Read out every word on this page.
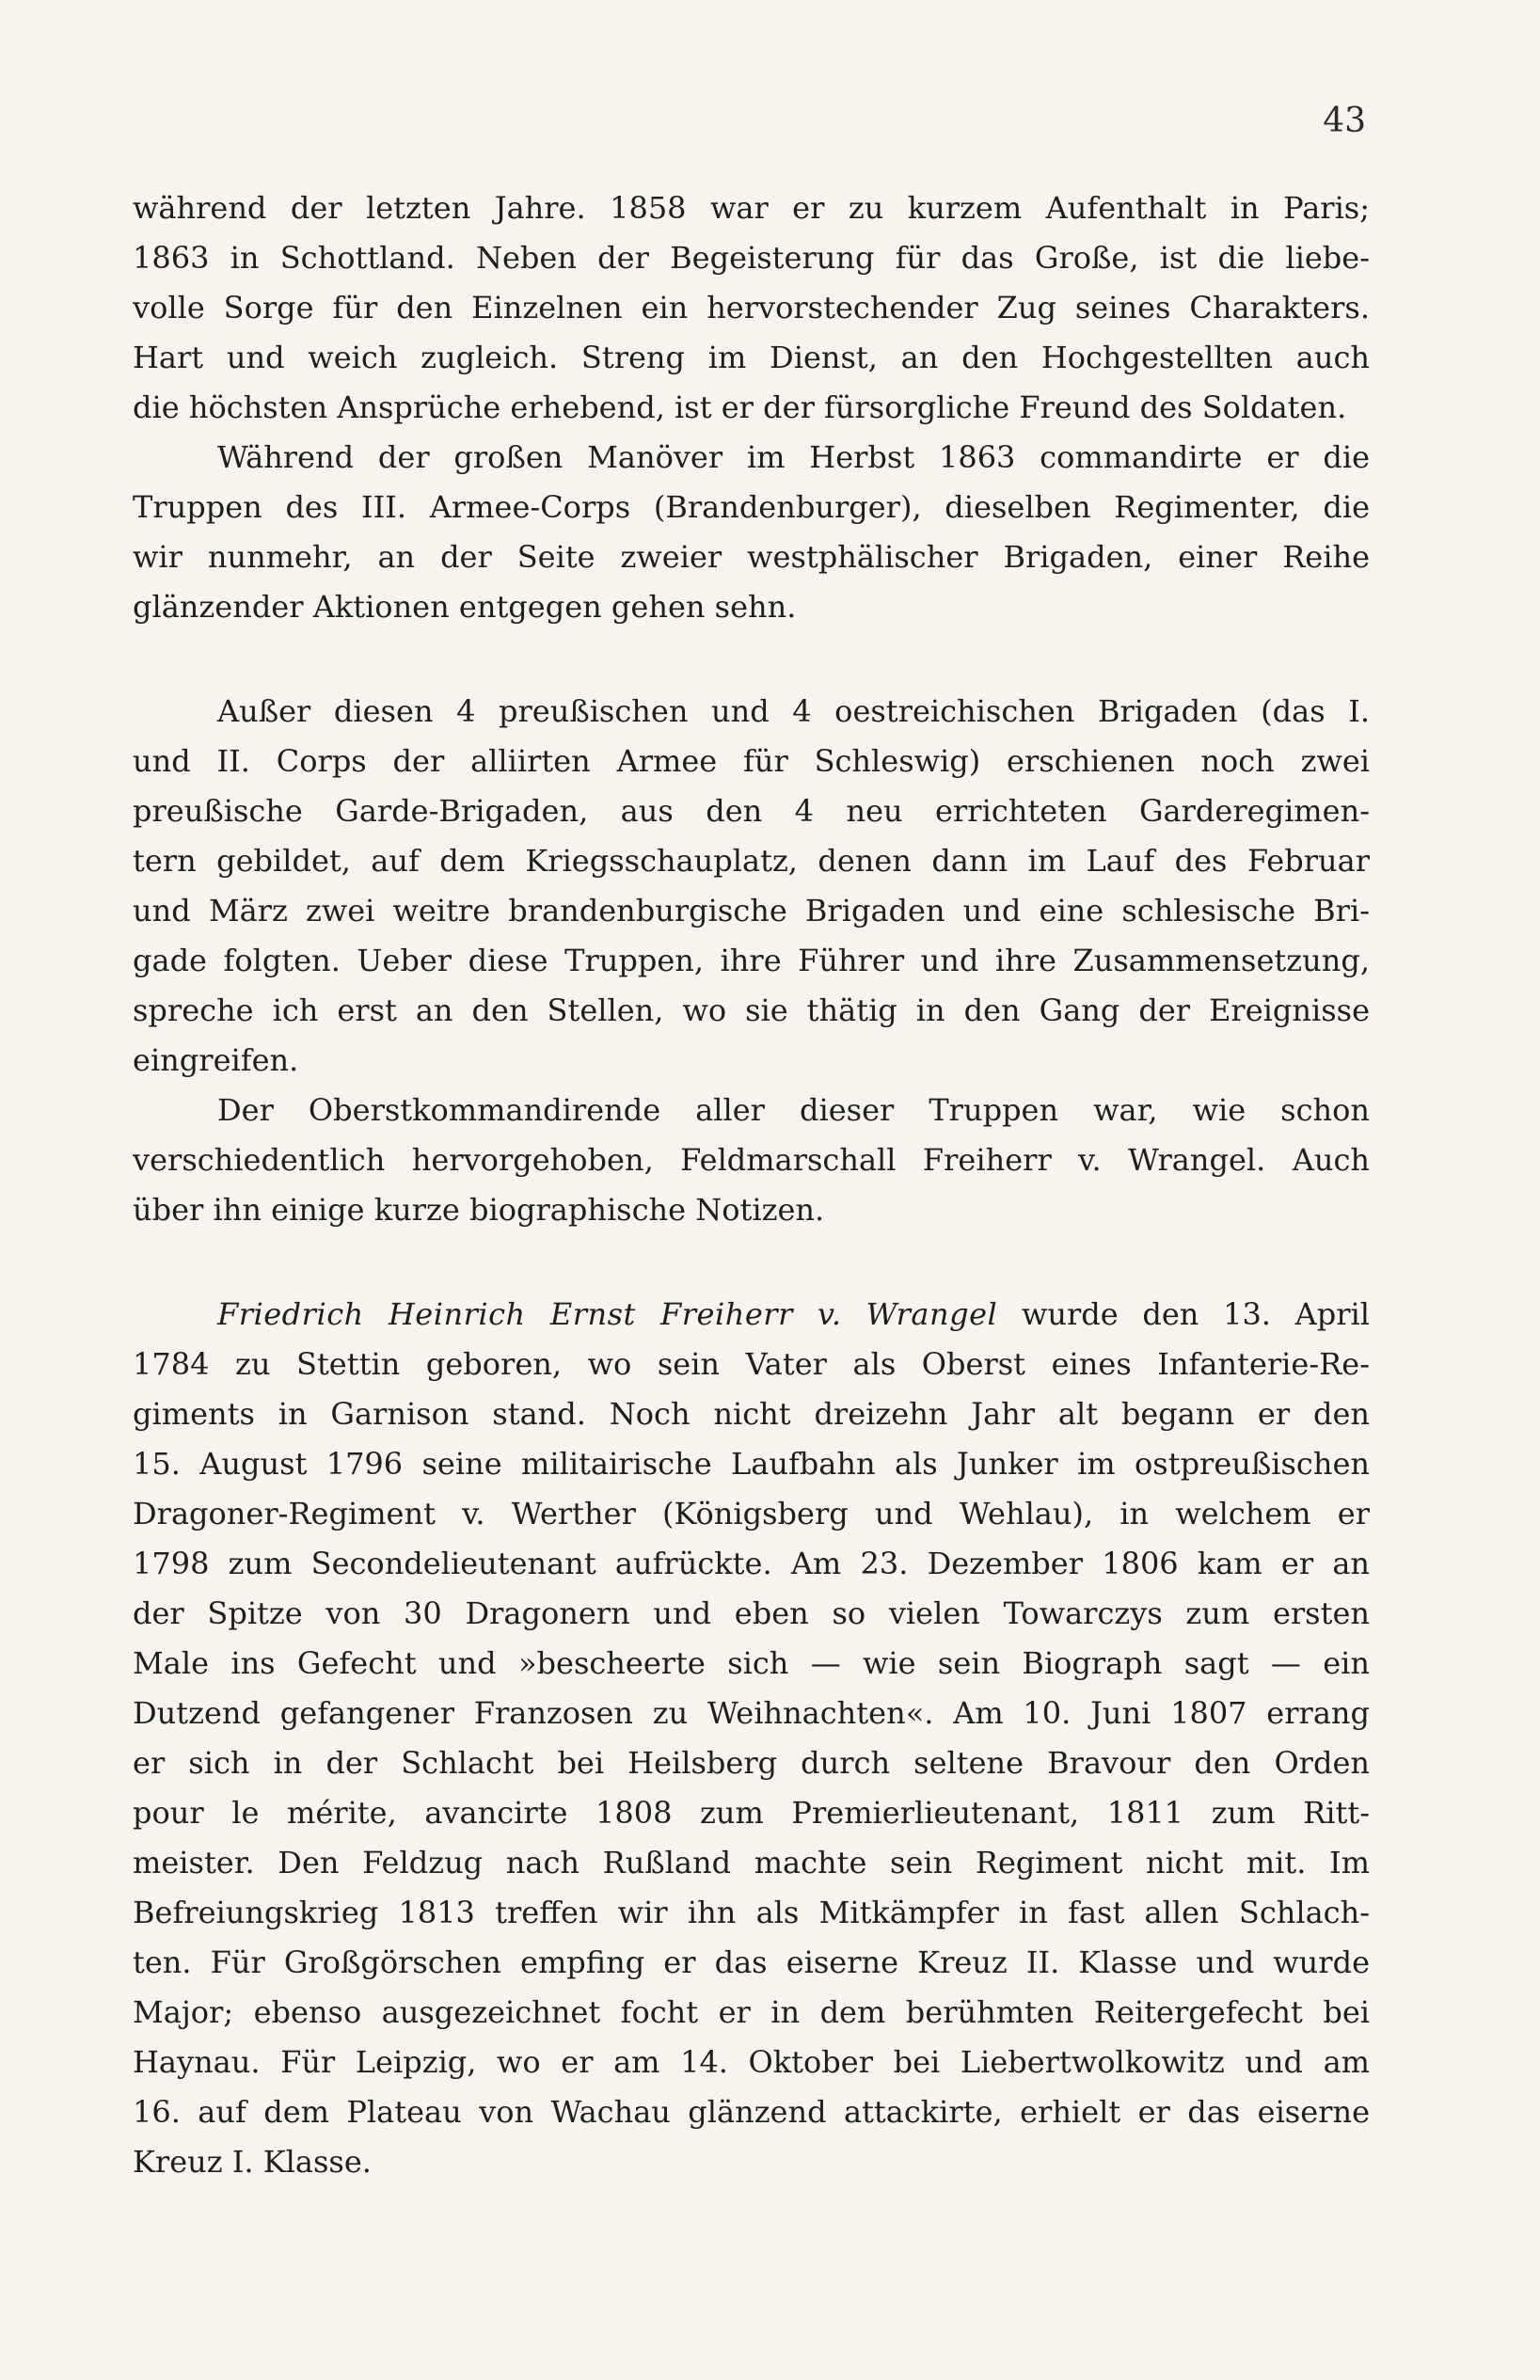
43
während der letzten Jahre. 1858 war er zu kurzem Aufenthalt in Paris;
1863 in Schottland. Neben der Begeisterung für das Große, ist die liebe-
volle Sorge für den Einzelnen ein hervorstechender Zug seines Charakters.
Hart und weich zugleich. Streng im Dienst, an den Hochgestellten auch
die höchsten Ansprüche erhebend, ist er der fürsorgliche Freund des Soldaten.
Während der großen Manöver im Herbst 1863 commandirte er die
Truppen des III. Armee-Corps (Brandenburger), dieselben Regimenter, die
wir nunmehr, an der Seite zweier westphälischer Brigaden, einer Reihe
glänzender Aktionen entgegen gehen sehn.
Außer diesen 4 preußischen und 4 oestreichischen Brigaden (das I.
und II. Corps der alliirten Armee für Schleswig) erschienen noch zwei
preußische Garde-Brigaden, aus den 4 neu errichteten Garderegimen-
tern gebildet, auf dem Kriegsschauplatz, denen dann im Lauf des Februar
und März zwei weitre brandenburgische Brigaden und eine schlesische Bri-
gade folgten. Ueber diese Truppen, ihre Führer und ihre Zusammensetzung,
spreche ich erst an den Stellen, wo sie thätig in den Gang der Ereignisse
eingreifen.
Der Oberstkommandirende aller dieser Truppen war, wie schon
verschiedentlich hervorgehoben, Feldmarschall Freiherr v. Wrangel. Auch
über ihn einige kurze biographische Notizen.
Friedrich Heinrich Ernst Freiherr v. Wrangel wurde den 13. April
1784 zu Stettin geboren, wo sein Vater als Oberst eines Infanterie-Re-
giments in Garnison stand. Noch nicht dreizehn Jahr alt begann er den
15. August 1796 seine militairische Laufbahn als Junker im ostpreußischen
Dragoner-Regiment v. Werther (Königsberg und Wehlau), in welchem er
1798 zum Secondelieutenant aufrückte. Am 23. Dezember 1806 kam er an
der Spitze von 30 Dragonern und eben so vielen Towarczys zum ersten
Male ins Gefecht und »bescheerte sich — wie sein Biograph sagt — ein
Dutzend gefangener Franzosen zu Weihnachten«. Am 10. Juni 1807 errang
er sich in der Schlacht bei Heilsberg durch seltene Bravour den Orden
pour le mérite, avancirte 1808 zum Premierlieutenant, 1811 zum Ritt-
meister. Den Feldzug nach Rußland machte sein Regiment nicht mit. Im
Befreiungskrieg 1813 treffen wir ihn als Mitkämpfer in fast allen Schlach-
ten. Für Großgörschen empfing er das eiserne Kreuz II. Klasse und wurde
Major; ebenso ausgezeichnet focht er in dem berühmten Reitergefecht bei
Haynau. Für Leipzig, wo er am 14. Oktober bei Liebertwolkowitz und am
16. auf dem Plateau von Wachau glänzend attackirte, erhielt er das eiserne
Kreuz I. Klasse.
